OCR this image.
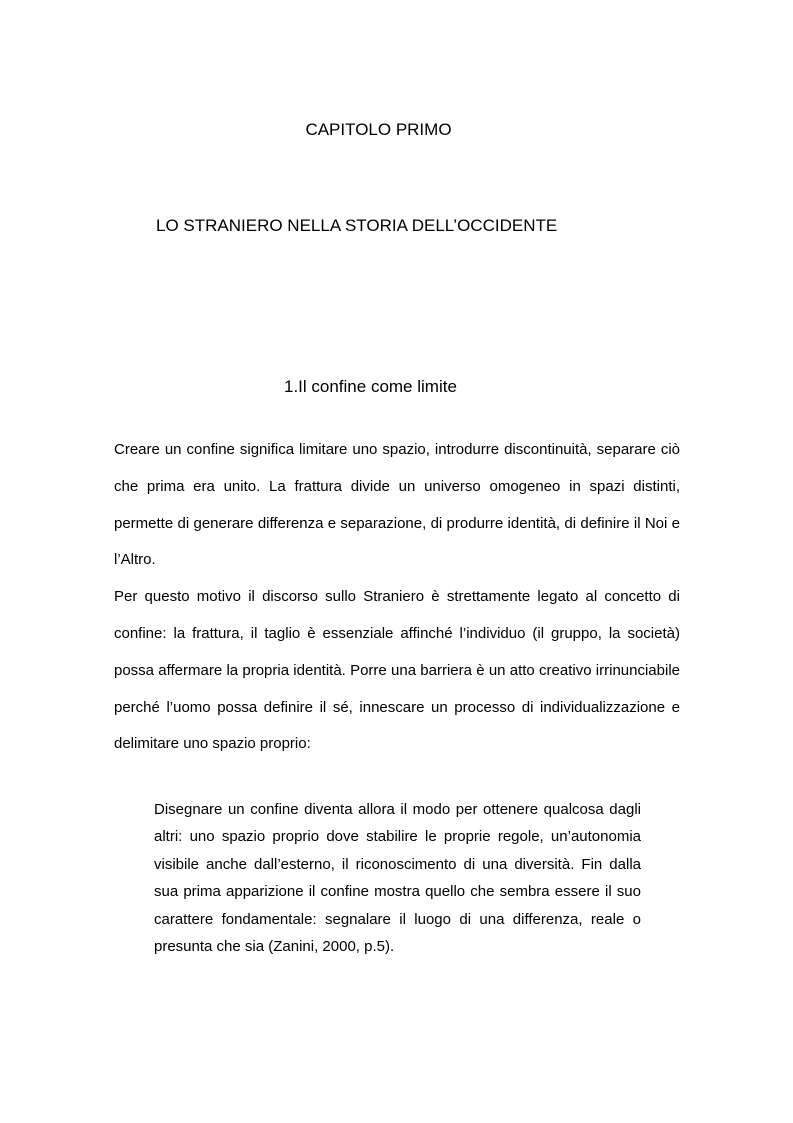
CAPITOLO PRIMO
LO STRANIERO NELLA STORIA DELL’OCCIDENTE
1.Il confine come limite

Creare un confine significa limitare uno spazio, introdurre discontinuità, separare ciò che prima era unito. La frattura divide un universo omogeneo in spazi distinti, permette di generare differenza e separazione, di produrre identità, di definire il Noi e l’Altro.

Per questo motivo il discorso sullo Straniero è strettamente legato al concetto di confine: la frattura, il taglio è essenziale affinché l’individuo (il gruppo, la società) possa affermare la propria identità. Porre una barriera è un atto creativo irrinunciabile perché l’uomo possa definire il sé, innescare un processo di individualizzazione e delimitare uno spazio proprio:

Disegnare un confine diventa allora il modo per ottenere qualcosa dagli altri: uno spazio proprio dove stabilire le proprie regole, un’autonomia visibile anche dall’esterno, il riconoscimento di una diversità. Fin dalla sua prima apparizione il confine mostra quello che sembra essere il suo carattere fondamentale: segnalare il luogo di una differenza, reale o presunta che sia (Zanini, 2000, p.5).
